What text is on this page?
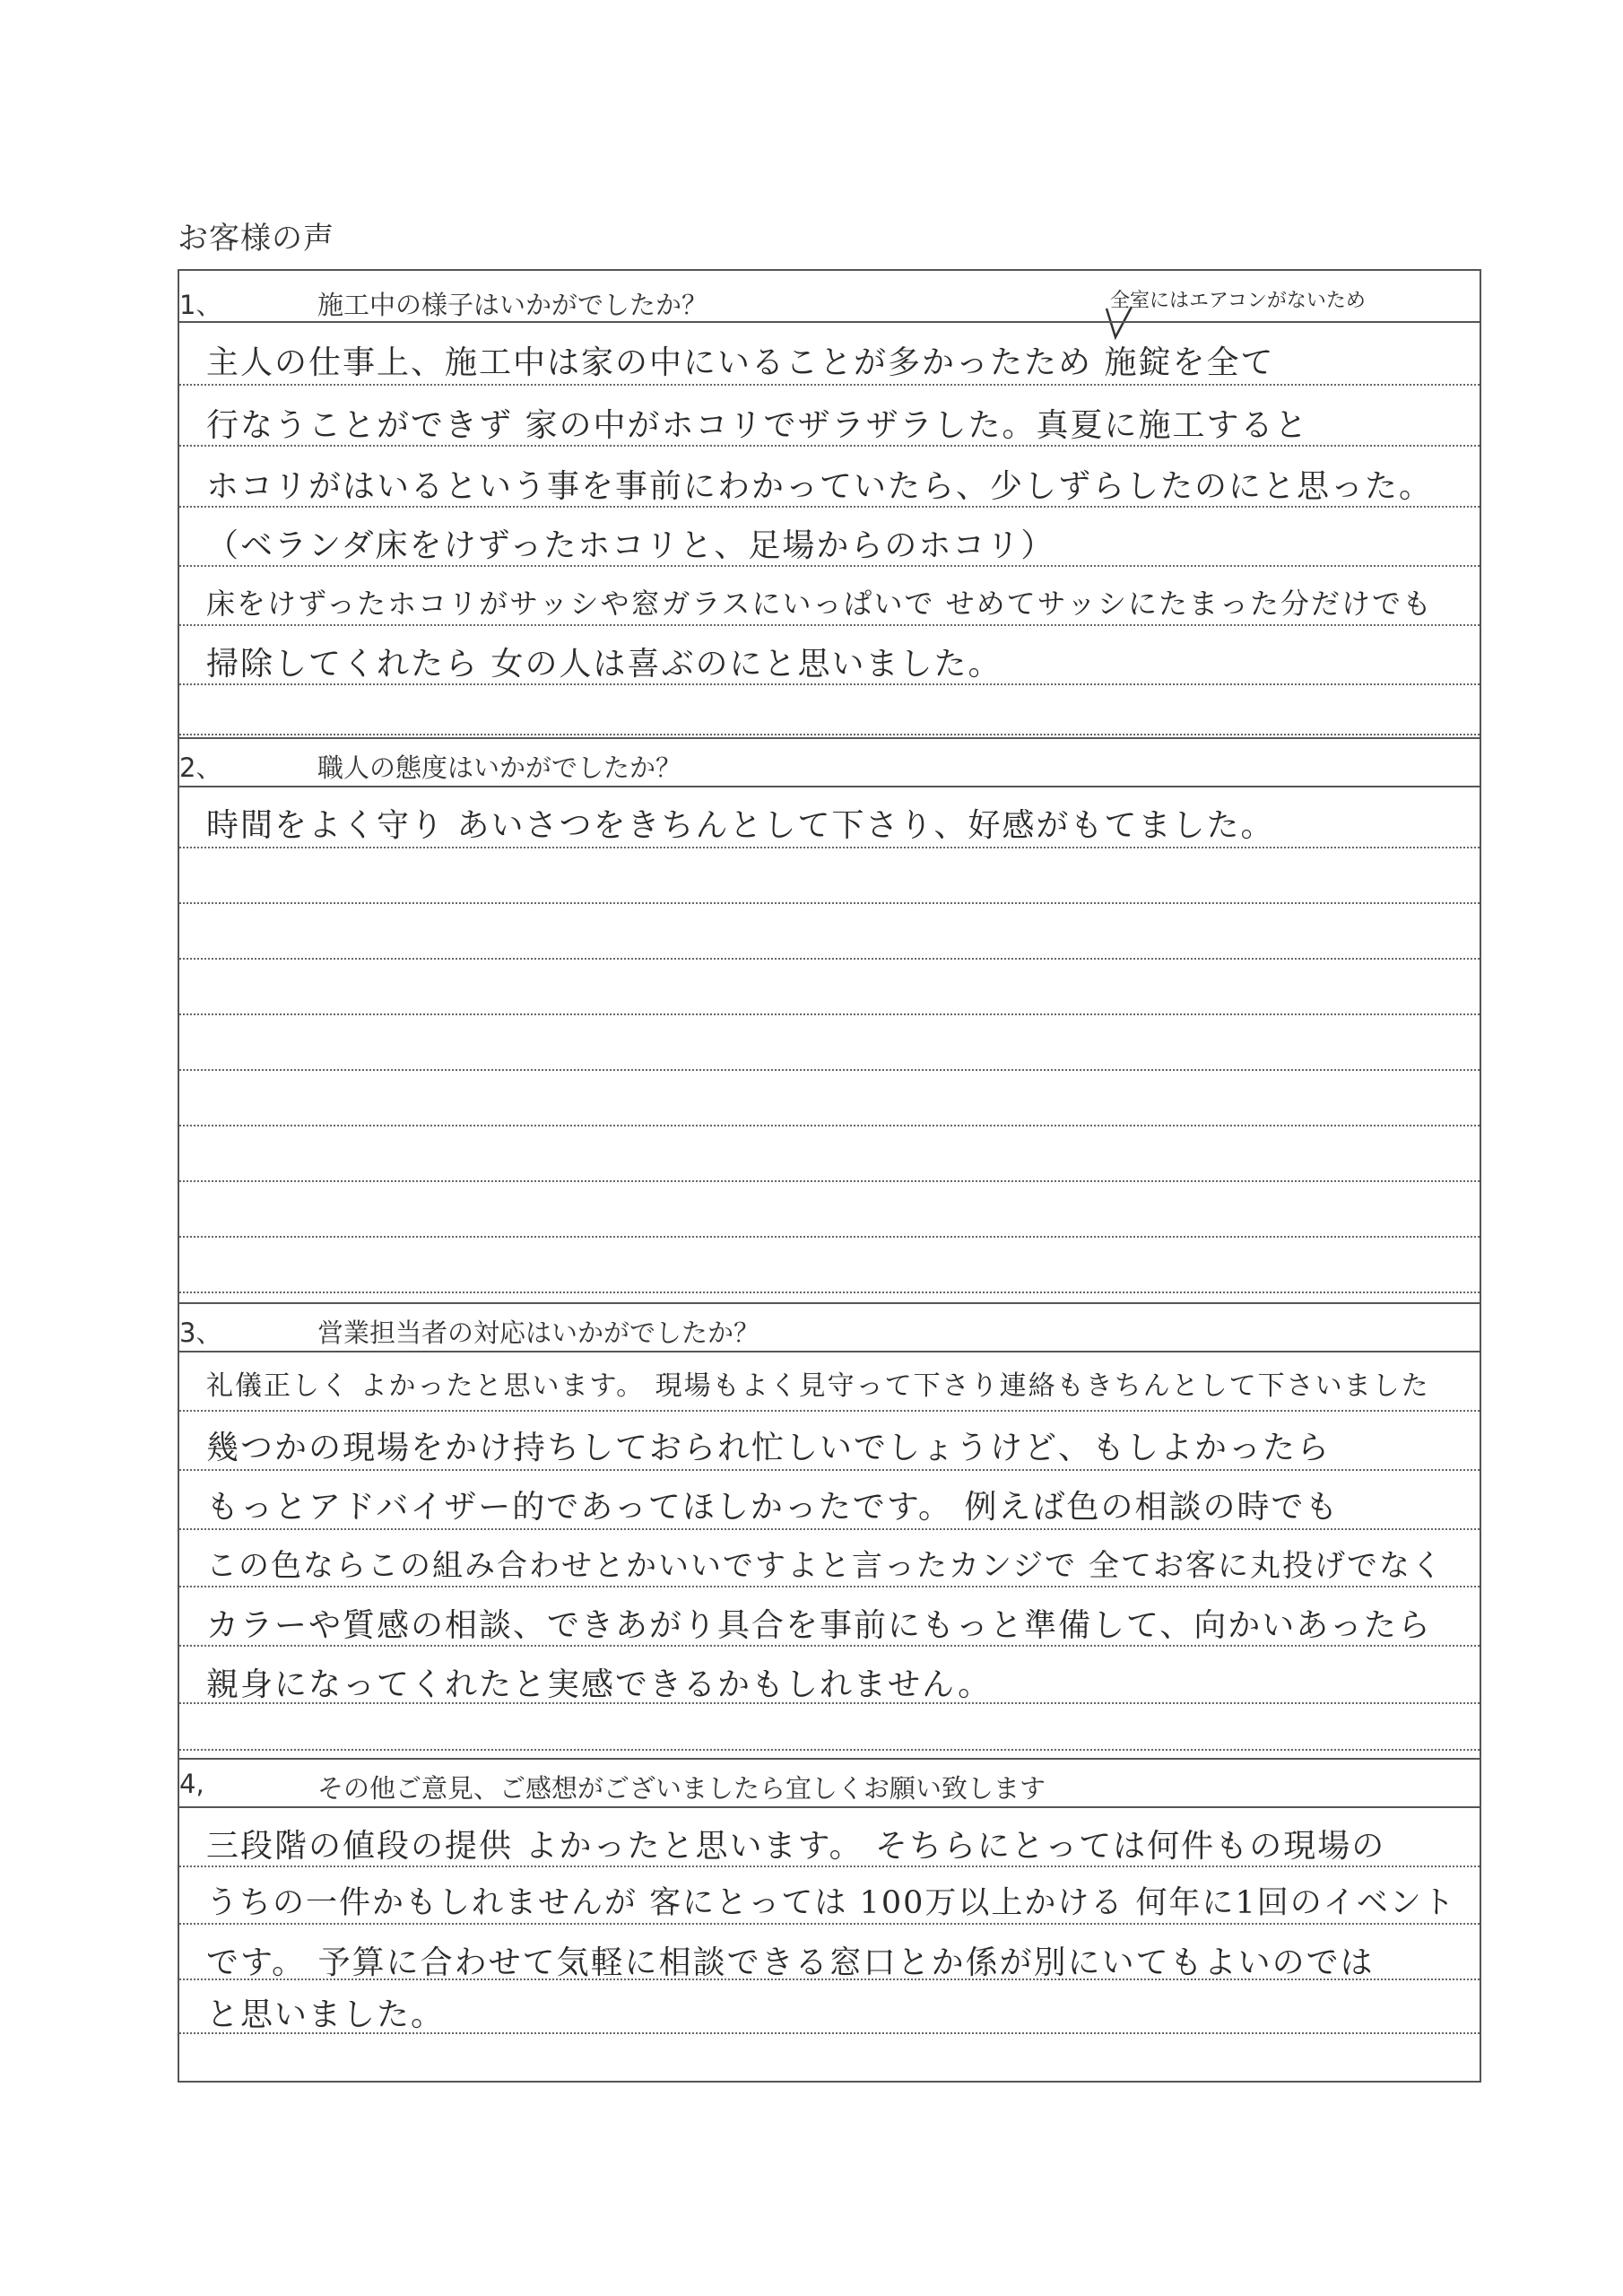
お客様の声
1、	施工中の様子はいかがでしたか？	全室にはエアコンがないため
主人の仕事上、施工中は家の中にいることが多かったため 施錠を全て
行なうことができず 家の中がホコリでザラザラした。真夏に施工すると
ホコリがはいるという事を事前にわかっていたら、少しずらしたのにと思った。
（ベランダ床をけずったホコリと、足場からのホコリ）
床をけずったホコリがサッシや窓ガラスにいっぱいで せめてサッシにたまった分だけでも
掃除してくれたら 女の人は喜ぶのにと思いました。
2、	職人の態度はいかがでしたか？
時間をよく守り あいさつをきちんとして下さり、好感がもてました。
3、	営業担当者の対応はいかがでしたか？
礼儀正しく よかったと思います。 現場もよく見守って下さり連絡もきちんとして下さいました
幾つかの現場をかけ持ちしておられ忙しいでしょうけど、もしよかったら
もっとアドバイザー的であってほしかったです。 例えば色の相談の時でも
この色ならこの組み合わせとかいいですよと言ったカンジで 全てお客に丸投げでなく
カラーや質感の相談、できあがり具合を事前にもっと準備して、向かいあったら
親身になってくれたと実感できるかもしれません。
4,	その他ご意見、ご感想がございましたら宜しくお願い致します
三段階の値段の提供 よかったと思います。 そちらにとっては何件もの現場の
うちの一件かもしれませんが 客にとっては 100万以上かける 何年に1回のイベント
です。 予算に合わせて気軽に相談できる窓口とか係が別にいてもよいのでは
と思いました。
